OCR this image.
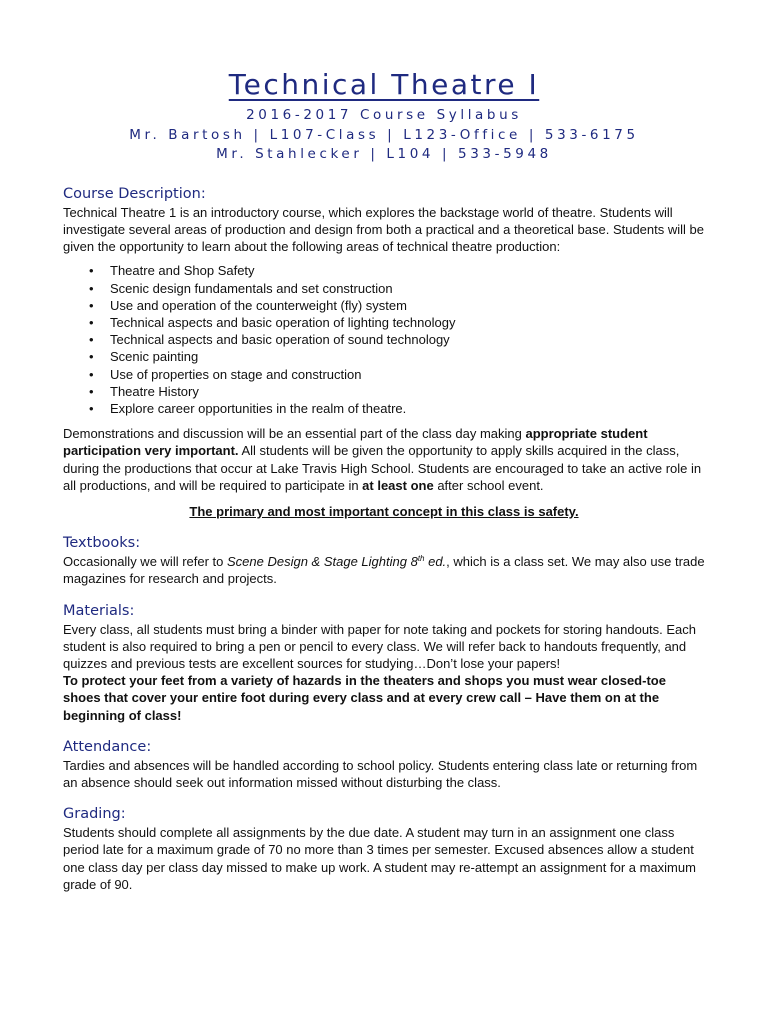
Technical Theatre I

2016-2017 Course Syllabus

Mr. Bartosh | L107-Class | L123-Office | 533-6175

Mr. Stahlecker | L104 | 533-5948

Course Description:

Technical Theatre 1 is an introductory course, which explores the backstage world of theatre. Students will investigate several areas of production and design from both a practical and a theoretical base. Students will be given the opportunity to learn about the following areas of technical theatre production:

• Theatre and Shop Safety
• Scenic design fundamentals and set construction
• Use and operation of the counterweight (fly) system
• Technical aspects and basic operation of lighting technology
• Technical aspects and basic operation of sound technology
• Scenic painting
• Use of properties on stage and construction
• Theatre History
• Explore career opportunities in the realm of theatre.

Demonstrations and discussion will be an essential part of the class day making appropriate student participation very important. All students will be given the opportunity to apply skills acquired in the class, during the productions that occur at Lake Travis High School. Students are encouraged to take an active role in all productions, and will be required to participate in at least one after school event.

The primary and most important concept in this class is safety.

Textbooks:

Occasionally we will refer to Scene Design & Stage Lighting 8th ed., which is a class set. We may also use trade magazines for research and projects.

Materials:

Every class, all students must bring a binder with paper for note taking and pockets for storing handouts. Each student is also required to bring a pen or pencil to every class. We will refer back to handouts frequently, and quizzes and previous tests are excellent sources for studying…Don’t lose your papers!

To protect your feet from a variety of hazards in the theaters and shops you must wear closed-toe shoes that cover your entire foot during every class and at every crew call – Have them on at the beginning of class!

Attendance:

Tardies and absences will be handled according to school policy. Students entering class late or returning from an absence should seek out information missed without disturbing the class.

Grading:

Students should complete all assignments by the due date. A student may turn in an assignment one class period late for a maximum grade of 70 no more than 3 times per semester. Excused absences allow a student one class day per class day missed to make up work. A student may re-attempt an assignment for a maximum grade of 90.
